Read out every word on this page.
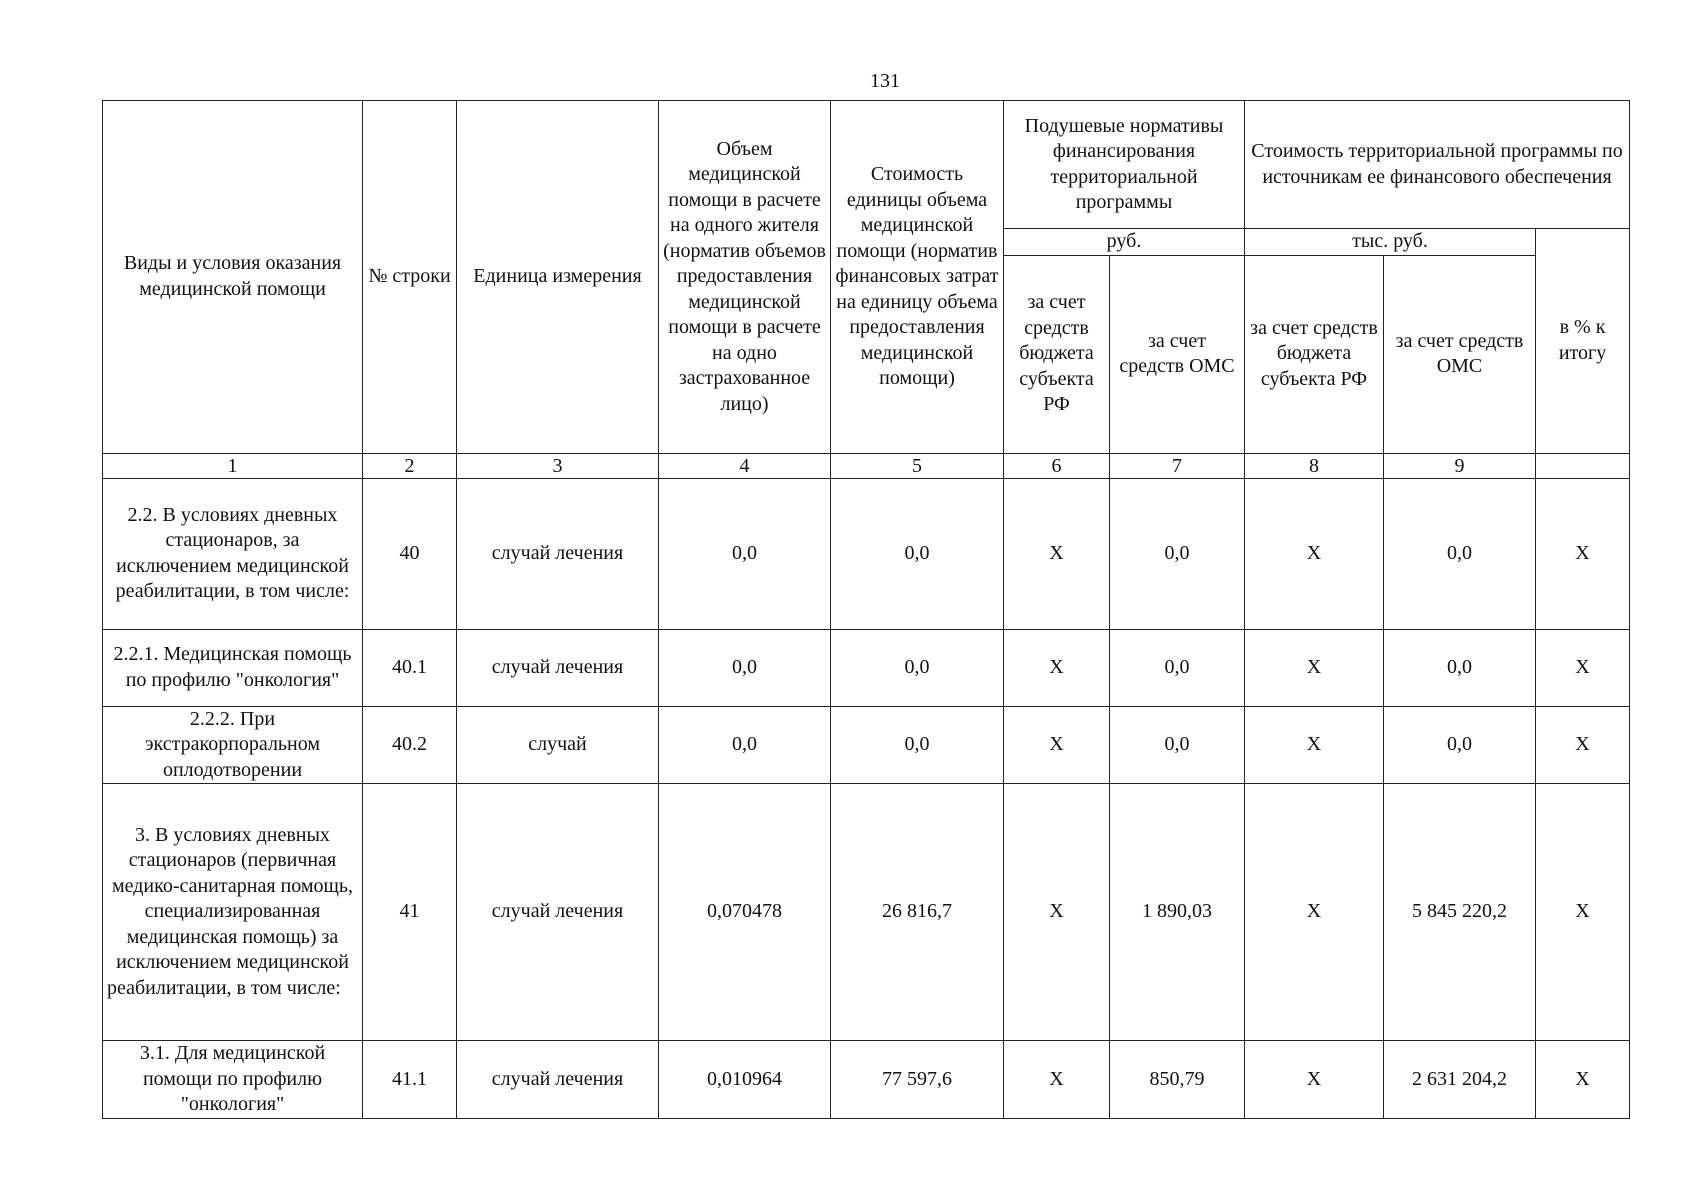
131
Виды и условия оказания медицинской помощи	№ строки	Единица измерения	Объем медицинской помощи в расчете на одного жителя (норматив объемов предоставления медицинской помощи в расчете на одно застрахованное лицо)	Стоимость единицы объема медицинской помощи (норматив финансовых затрат на единицу объема предоставления медицинской помощи)	Подушевые нормативы финансирования территориальной программы		Стоимость территориальной программы по источникам ее финансового обеспечения		
					руб.		тыс. руб.		в % к итогу
					за счет средств бюджета субъекта РФ	за счет средств ОМС	за счет средств бюджета субъекта РФ	за счет средств ОМС	
1	2	3	4	5	6	7	8	9	
2.2. В условиях дневных стационаров, за исключением медицинской реабилитации, в том числе:	40	случай лечения	0,0	0,0	Х	0,0	Х	0,0	Х
2.2.1. Медицинская помощь по профилю "онкология"	40.1	случай лечения	0,0	0,0	Х	0,0	Х	0,0	Х
2.2.2. При экстракорпоральном оплодотворении	40.2	случай	0,0	0,0	Х	0,0	Х	0,0	Х
3. В условиях дневных стационаров (первичная медико-санитарная помощь, специализированная медицинская помощь) за исключением медицинской реабилитации, в том числе:	41	случай лечения	0,070478	26 816,7	Х	1 890,03	Х	5 845 220,2	Х
3.1. Для медицинской помощи по профилю "онкология"	41.1	случай лечения	0,010964	77 597,6	Х	850,79	Х	2 631 204,2	Х
